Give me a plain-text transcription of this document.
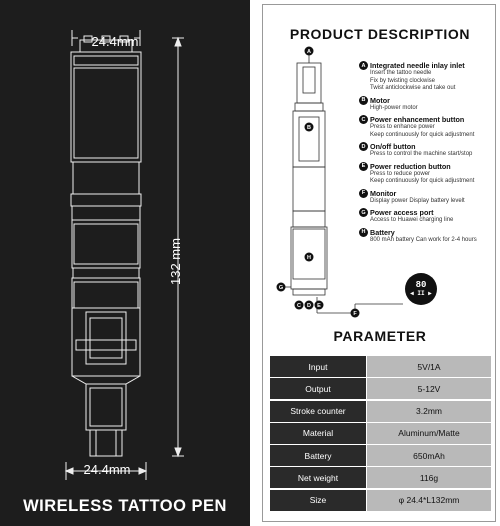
24.4mm
132 mm
24.4mm
WIRELESS TATTOO PEN
PRODUCT DESCRIPTION
A
B
H
G
C D E
F
80
◀ II ▶
A Integrated needle inlay inlet
Insert the tattoo needle
Fix by twisting clockwise
Twist anticlockwise and take out
B Motor
High-power motor
C Power enhancement button
Press to enhance power
Keep continuously for quick adjustment
D On/off button
Press to control the machine start/stop
E Power reduction button
Press to reduce power
Keep continuously for quick adjustment
F Monitor
Display power Display battery levelt
G Power access port
Access to Huawei charging line
H Battery
800 mAh battery Can work for 2-4 hours
PARAMETER
Input	5V/1A
Output	5-12V
Stroke counter	3.2mm
Material	Aluminum/Matte
Battery	650mAh
Net weight	116g
Size	φ 24.4*L132mm
